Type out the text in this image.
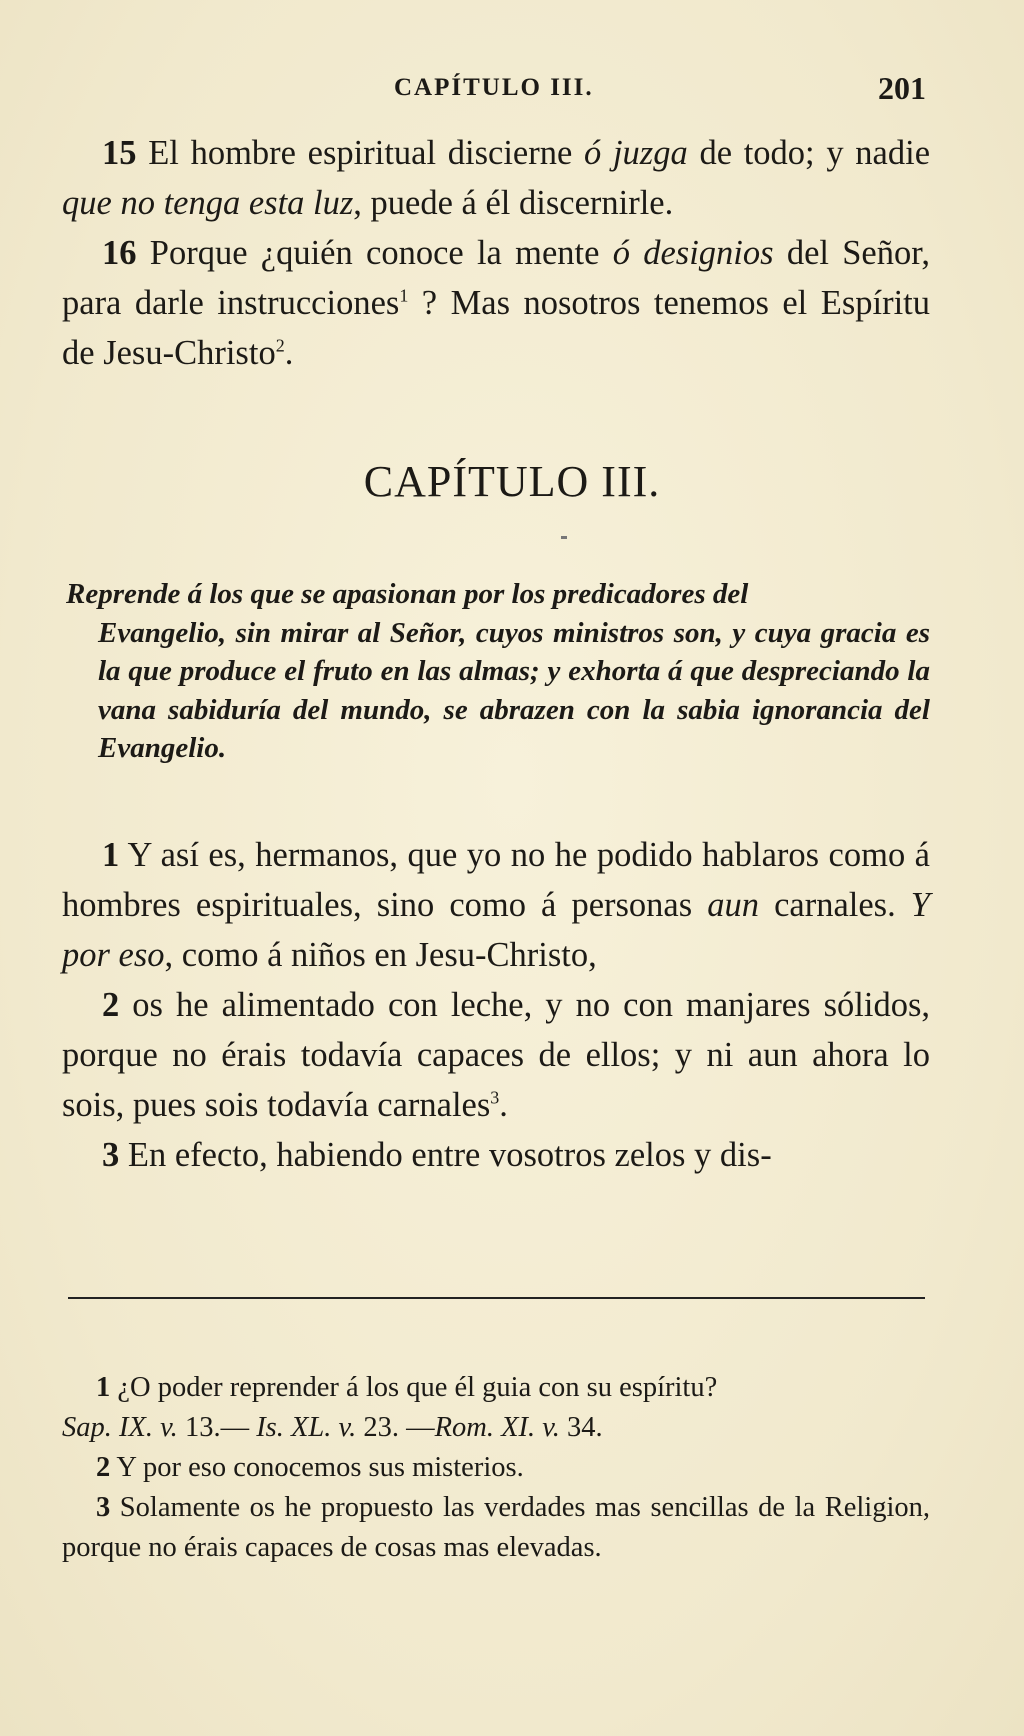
CAPÍTULO III.	201

15 El hombre espiritual discierne ó juzga de todo; y nadie que no tenga esta luz, puede á él discernirle.

16 Porque ¿quién conoce la mente ó designios del Señor, para darle instrucciones$^1$ ? Mas nosotros tenemos el Espíritu de Jesu-Christo$^2$.

CAPÍTULO III.
Reprende á los que se apasionan por los predicadores del
Evangelio, sin mirar al Señor, cuyos ministros son, y cuya gracia es la que produce el fruto en las almas; y exhorta á que despreciando la vana sabiduría del mundo, se abrazen con la sabia ignorancia del Evangelio.

1 Y así es, hermanos, que yo no he podido hablaros como á hombres espirituales, sino como á personas aun carnales. Y por eso, como á niños en Jesu-Christo,

2 os he alimentado con leche, y no con manjares sólidos, porque no érais todavía capaces de ellos; y ni aun ahora lo sois, pues sois todavía carnales$^3$.

3 En efecto, habiendo entre vosotros zelos y dis-

1 ¿O poder reprender á los que él guia con su espíritu?
Sap. IX. v. 13.— Is. XL. v. 23. —Rom. XI. v. 34.

2 Y por eso conocemos sus misterios.

3 Solamente os he propuesto las verdades mas sencillas de la Religion, porque no érais capaces de cosas mas elevadas.
